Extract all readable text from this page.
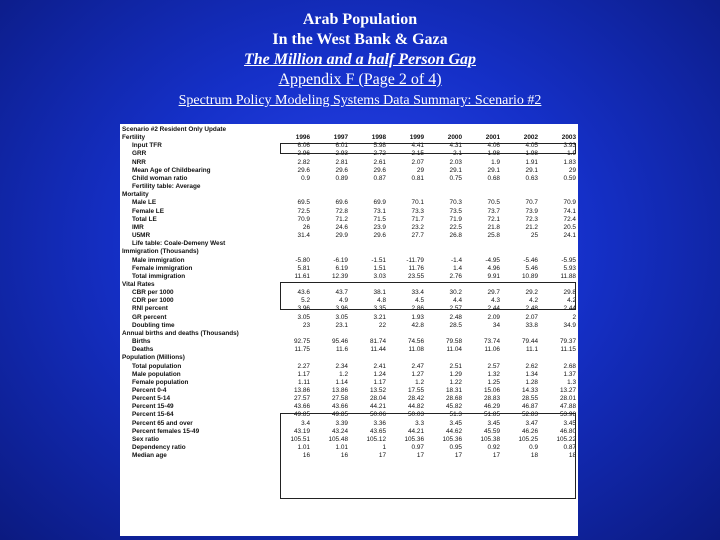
Arab Population
In the West Bank & Gaza
The Million and a half Person Gap
Appendix F (Page 2 of 4)
Spectrum Policy Modeling Systems Data Summary: Scenario #2
Scenario #2 Resident Only Update								
Fertility	1996	1997	1998	1999	2000	2001	2002	2003
Input TFR	6.06	6.01	5.98	4.41	4.31	4.06	4.05	3.93
GRR	2.96	2.93	2.72	2.15	2.1	1.98	1.98	1.9
NRR	2.82	2.81	2.61	2.07	2.03	1.9	1.91	1.83
Mean Age of Childbearing	29.6	29.6	29.6	29	29.1	29.1	29.1	29
Child woman ratio	0.9	0.89	0.87	0.81	0.75	0.68	0.63	0.59
Fertility table: Average								
Mortality								
Male LE	69.5	69.6	69.9	70.1	70.3	70.5	70.7	70.9
Female LE	72.5	72.8	73.1	73.3	73.5	73.7	73.9	74.1
Total LE	70.9	71.2	71.5	71.7	71.9	72.1	72.3	72.4
IMR	26	24.6	23.9	23.2	22.5	21.8	21.2	20.5
U5MR	31.4	29.9	29.6	27.7	26.8	25.8	25	24.1
Life table: Coale-Demeny West								
Immigration (Thousands)								
Male immigration	-5.80	-6.19	-1.51	-11.79	-1.4	-4.95	-5.46	-5.95
Female immigration	5.81	6.19	1.51	11.76	1.4	4.96	5.46	5.93
Total immigration	11.61	12.39	3.03	23.55	2.76	9.91	10.89	11.88
Vital Rates								
CBR per 1000	43.6	43.7	38.1	33.4	30.2	29.7	29.2	29.8
CDR per 1000	5.2	4.9	4.8	4.5	4.4	4.3	4.2	4.2
RNI percent	3.96	3.96	3.35	2.86	2.57	2.44	2.48	2.44
GR percent	3.05	3.05	3.21	1.93	2.48	2.09	2.07	2
Doubling time	23	23.1	22	42.8	28.5	34	33.8	34.9
Annual births and deaths (Thousands)								
Births	92.75	95.46	81.74	74.56	79.58	73.74	79.44	79.37
Deaths	11.75	11.6	11.44	11.08	11.04	11.06	11.1	11.15
Population (Millions)								
Total population	2.27	2.34	2.41	2.47	2.51	2.57	2.62	2.68
Male population	1.17	1.2	1.24	1.27	1.29	1.32	1.34	1.37
Female population	1.11	1.14	1.17	1.2	1.22	1.25	1.28	1.3
Percent 0-4	13.86	13.86	13.52	17.55	18.31	15.06	14.33	13.27
Percent 5-14	27.57	27.58	28.04	28.42	28.68	28.83	28.55	28.01
Percent 15-49	43.66	43.66	44.21	44.82	45.82	46.29	46.87	47.88
Percent 15-64	49.85	49.85	50.06	50.03	51.3	51.85	52.83	53.98
Percent 65 and over	3.4	3.39	3.36	3.3	3.45	3.45	3.47	3.45
Percent females 15-49	43.19	43.24	43.65	44.21	44.62	45.59	46.26	46.80
Sex ratio	105.51	105.48	105.12	105.36	105.36	105.38	105.25	105.22
Dependency ratio	1.01	1.01	1	0.97	0.95	0.92	0.9	0.87
Median age	16	16	17	17	17	17	18	18
